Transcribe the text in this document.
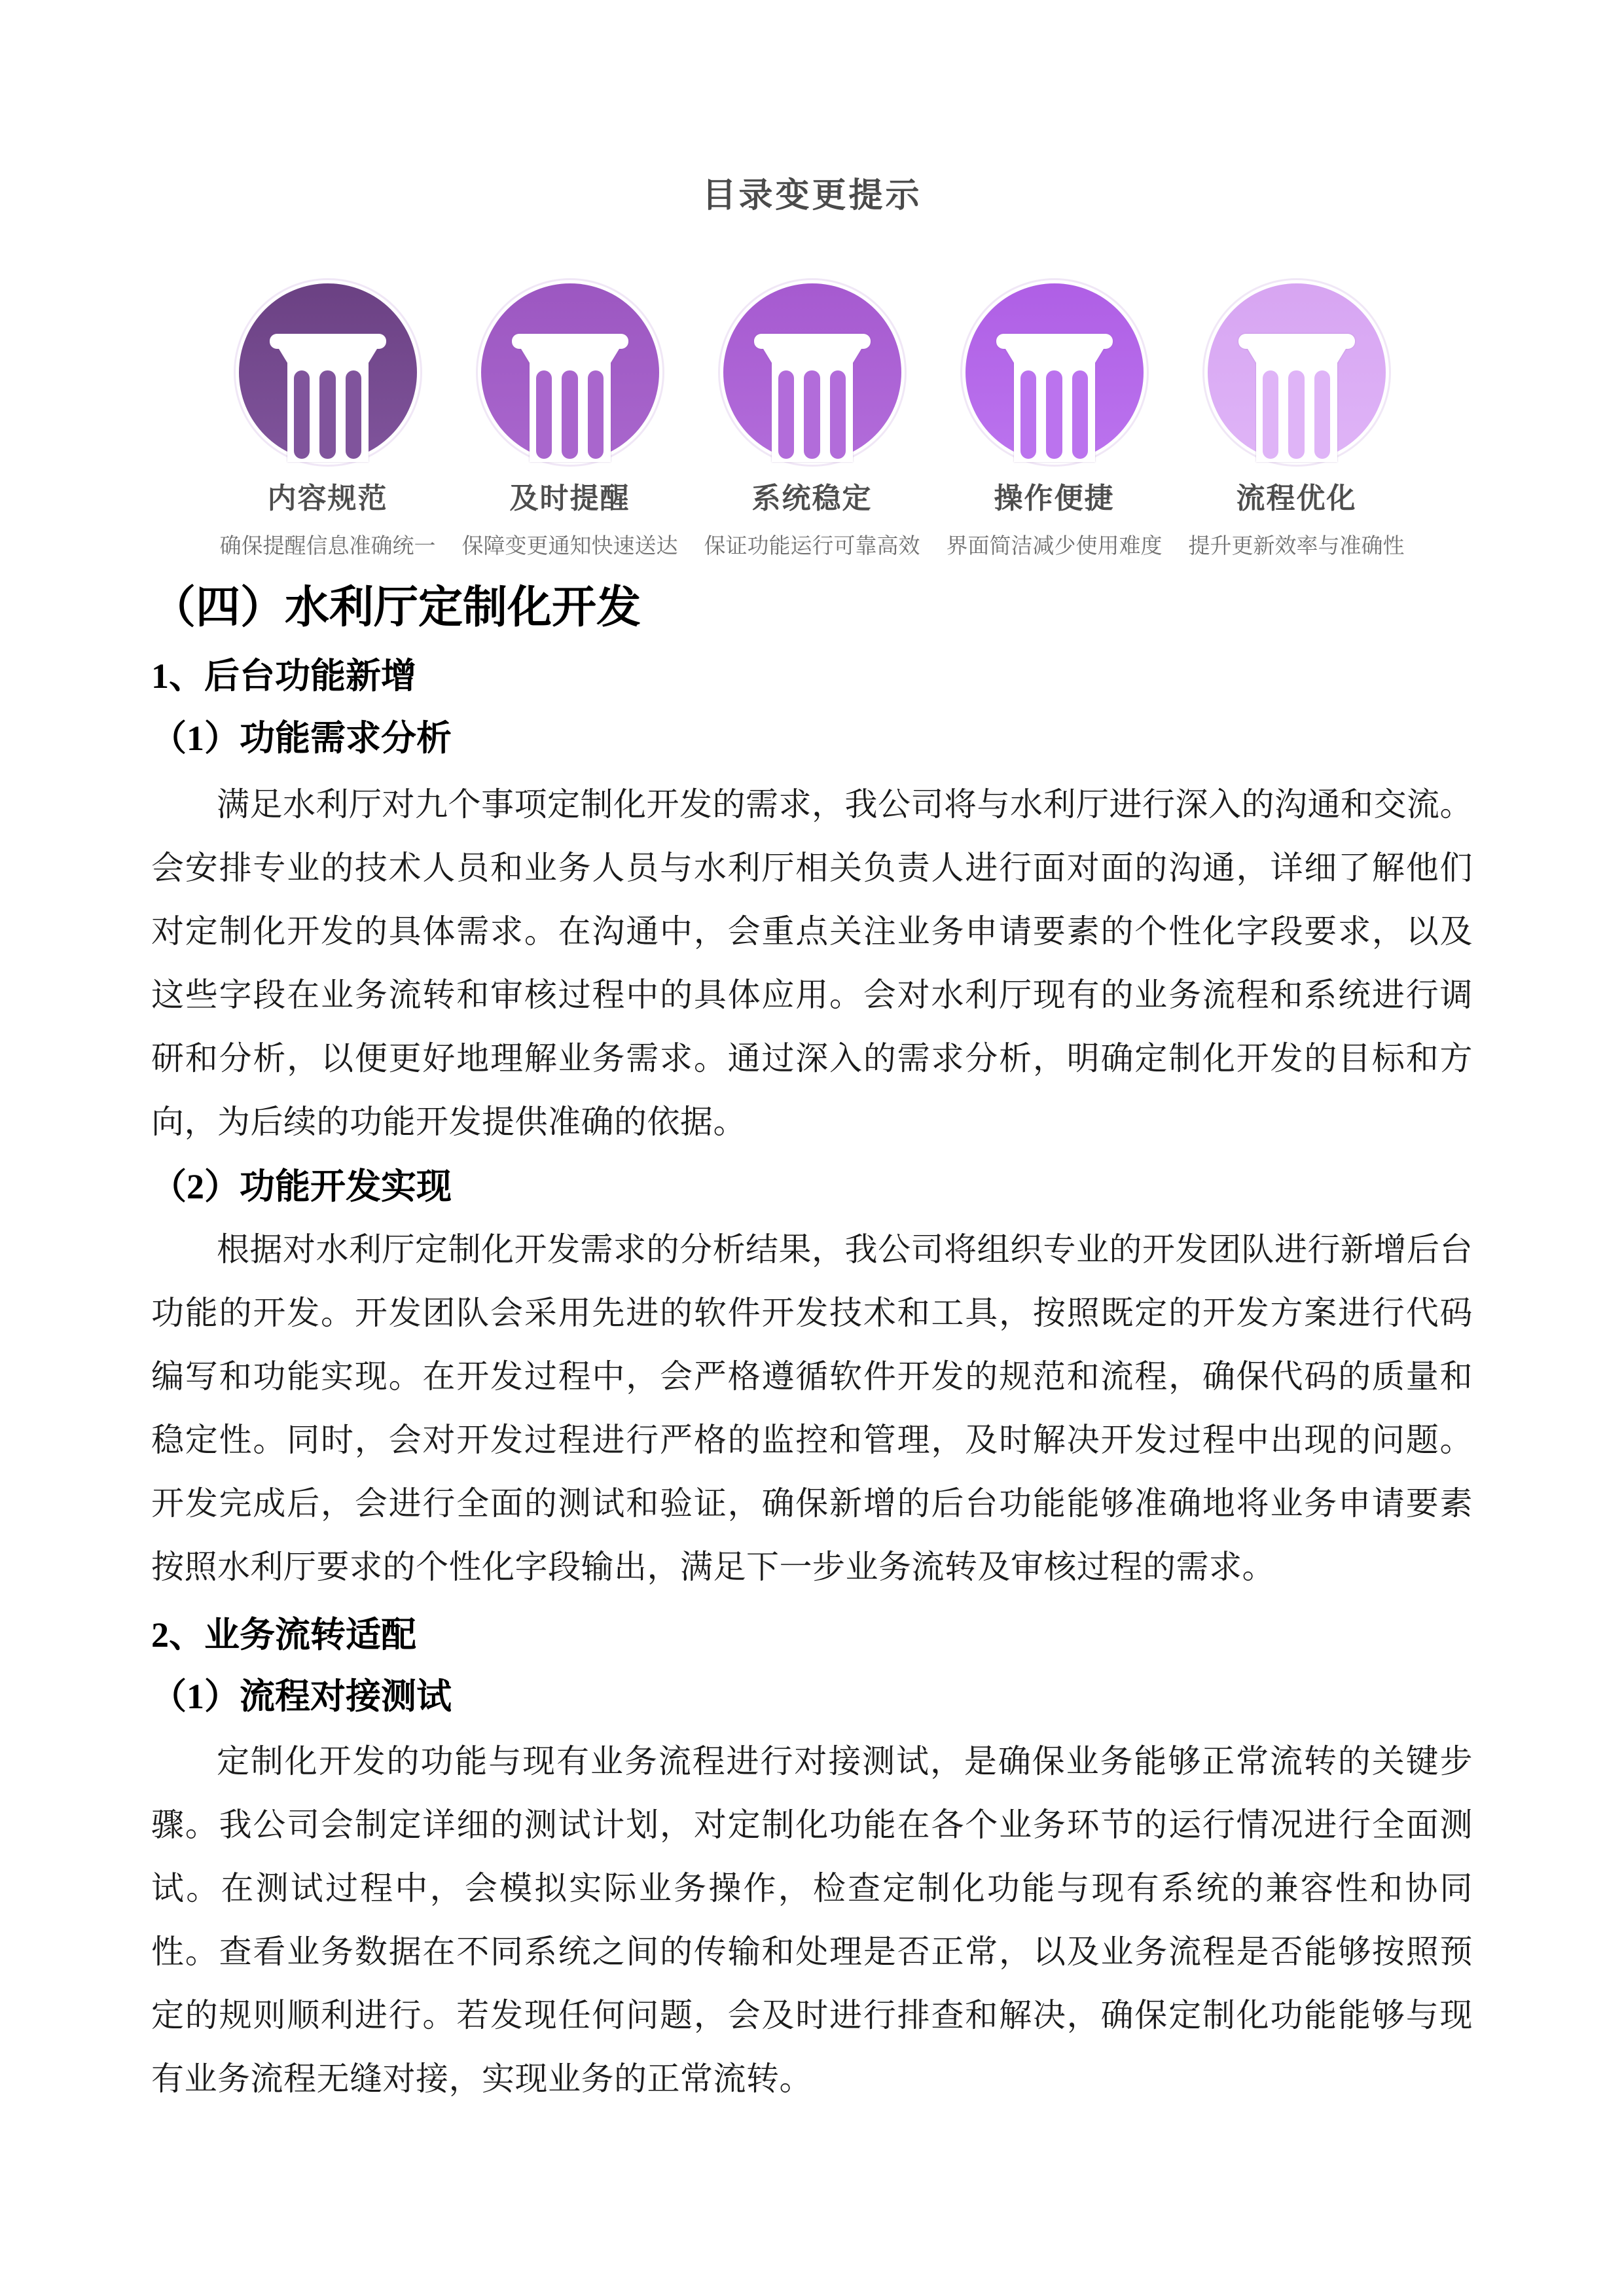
目录变更提示
内容规范
确保提醒信息准确统一
及时提醒
保障变更通知快速送达
系统稳定
保证功能运行可靠高效
操作便捷
界面简洁减少使用难度
流程优化
提升更新效率与准确性
（四）水利厅定制化开发
1、后台功能新增
（1）功能需求分析

满足水利厅对九个事项定制化开发的需求，我公司将与水利厅进行深入的沟通和交流。会安排专业的技术人员和业务人员与水利厅相关负责人进行面对面的沟通，详细了解他们对定制化开发的具体需求。在沟通中，会重点关注业务申请要素的个性化字段要求，以及这些字段在业务流转和审核过程中的具体应用。会对水利厅现有的业务流程和系统进行调研和分析，以便更好地理解业务需求。通过深入的需求分析，明确定制化开发的目标和方向，为后续的功能开发提供准确的依据。

（2）功能开发实现

根据对水利厅定制化开发需求的分析结果，我公司将组织专业的开发团队进行新增后台功能的开发。开发团队会采用先进的软件开发技术和工具，按照既定的开发方案进行代码编写和功能实现。在开发过程中，会严格遵循软件开发的规范和流程，确保代码的质量和稳定性。同时，会对开发过程进行严格的监控和管理，及时解决开发过程中出现的问题。开发完成后，会进行全面的测试和验证，确保新增的后台功能能够准确地将业务申请要素按照水利厅要求的个性化字段输出，满足下一步业务流转及审核过程的需求。

2、业务流转适配
（1）流程对接测试

定制化开发的功能与现有业务流程进行对接测试，是确保业务能够正常流转的关键步骤。我公司会制定详细的测试计划，对定制化功能在各个业务环节的运行情况进行全面测试。在测试过程中，会模拟实际业务操作，检查定制化功能与现有系统的兼容性和协同性。查看业务数据在不同系统之间的传输和处理是否正常，以及业务流程是否能够按照预定的规则顺利进行。若发现任何问题，会及时进行排查和解决，确保定制化功能能够与现有业务流程无缝对接，实现业务的正常流转。
